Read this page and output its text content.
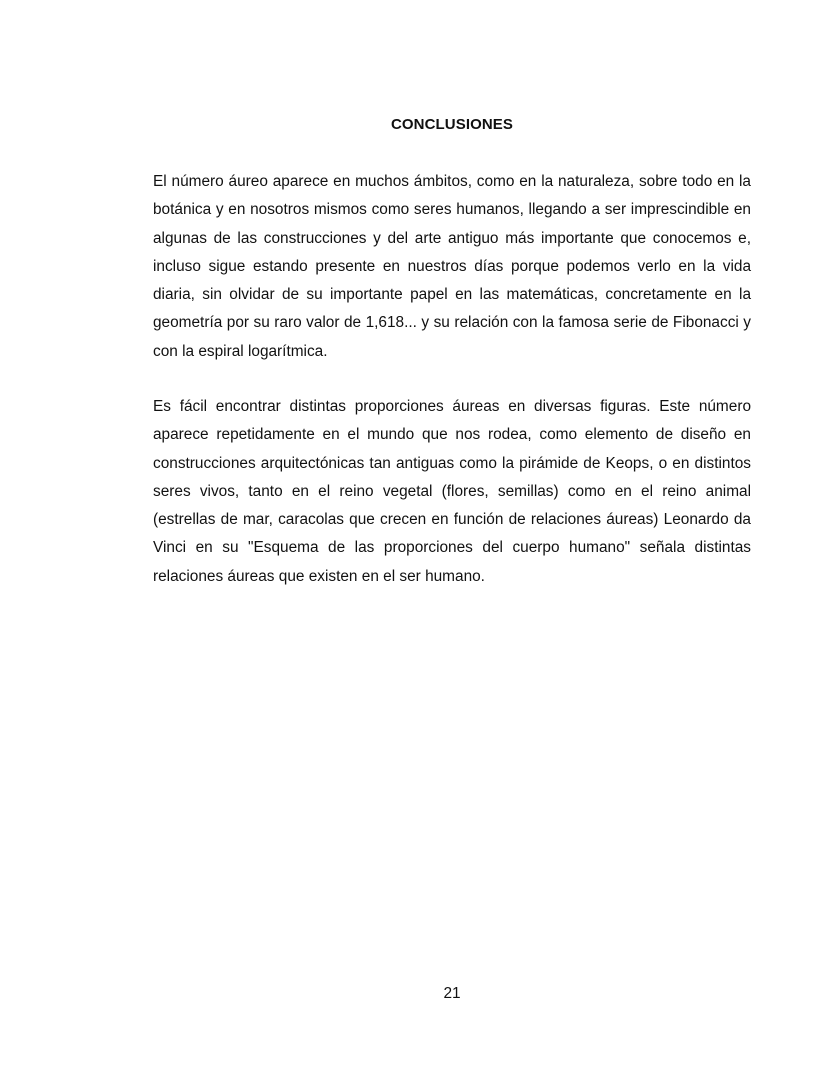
CONCLUSIONES

El número áureo aparece en muchos ámbitos, como en la naturaleza, sobre todo en la botánica y en nosotros mismos como seres humanos, llegando a ser imprescindible en algunas de las construcciones y del arte antiguo más importante que conocemos e, incluso sigue estando presente en nuestros días porque podemos verlo en la vida diaria, sin olvidar de su importante papel en las matemáticas, concretamente en la geometría por su raro valor de 1,618... y su relación con la famosa serie de Fibonacci y con la espiral logarítmica.

Es fácil encontrar distintas proporciones áureas en diversas figuras. Este número aparece repetidamente en el mundo que nos rodea, como elemento de diseño en construcciones arquitectónicas tan antiguas como la pirámide de Keops, o en distintos seres vivos, tanto en el reino vegetal (flores, semillas) como en el reino animal (estrellas de mar, caracolas que crecen en función de relaciones áureas) Leonardo da Vinci en su "Esquema de las proporciones del cuerpo humano" señala distintas relaciones áureas que existen en el ser humano.

21
